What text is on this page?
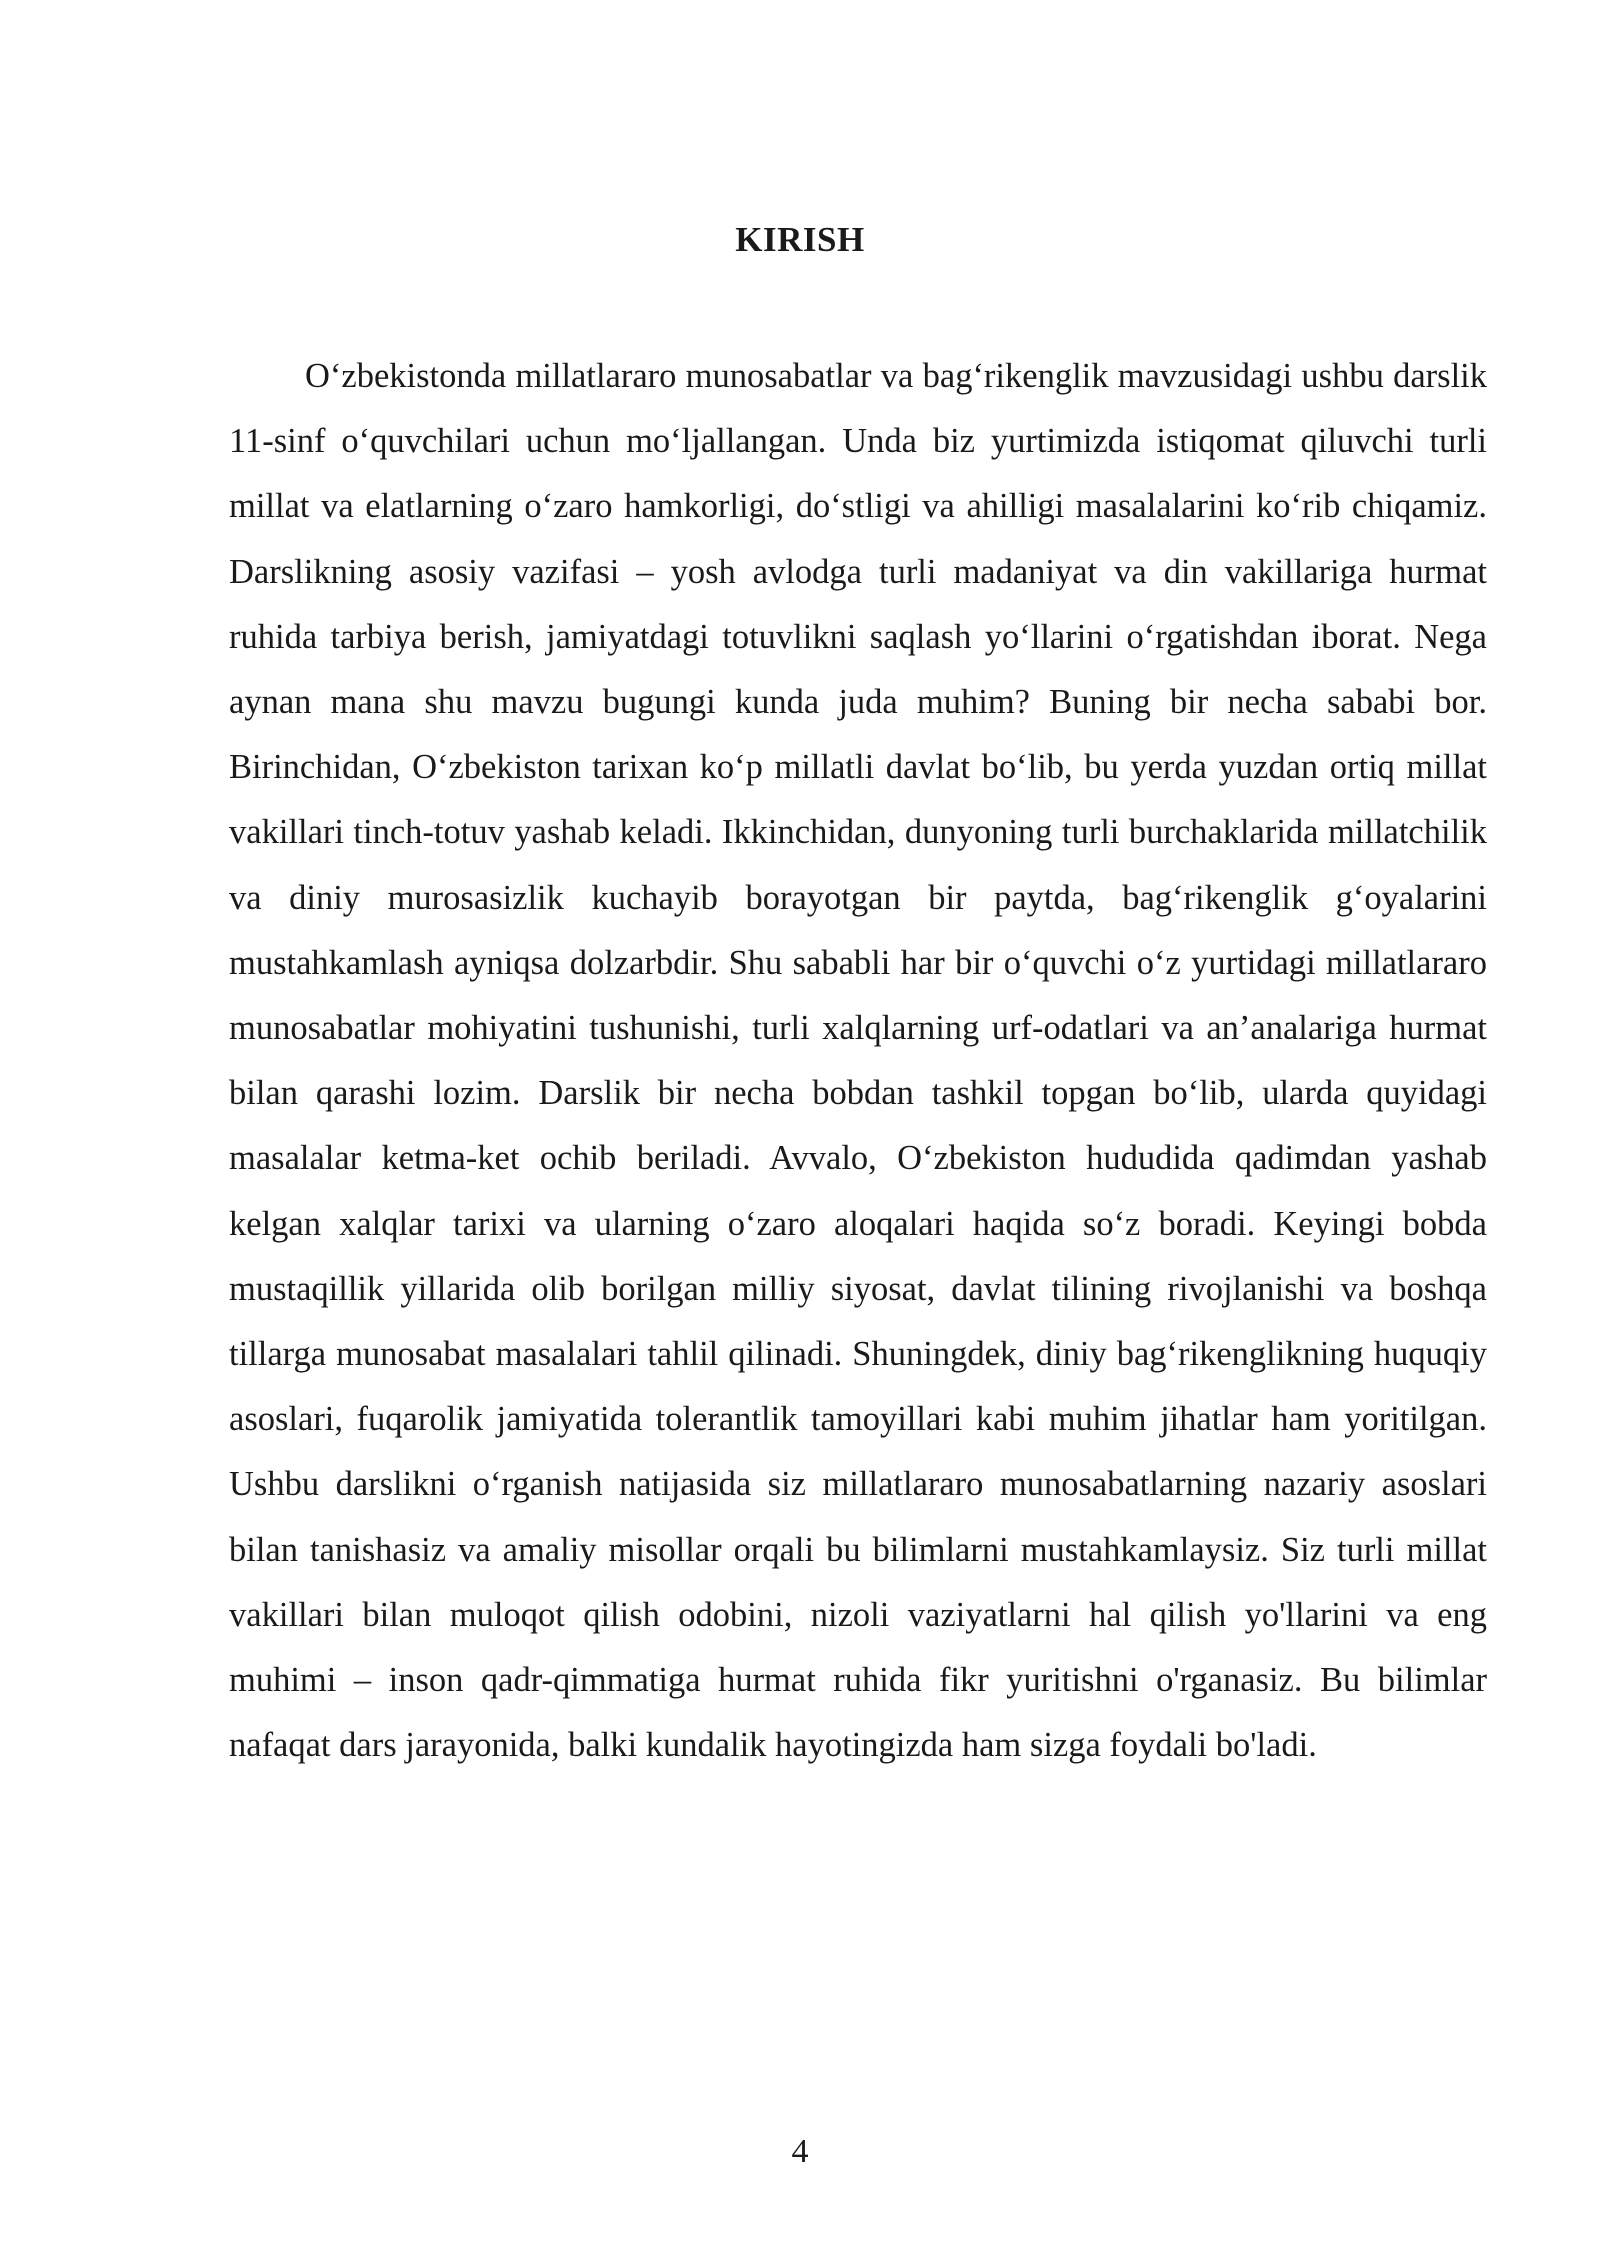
KIRISH

O‘zbekistonda millatlararo munosabatlar va bag‘rikenglik mavzusidagi ushbu darslik 11-sinf o‘quvchilari uchun mo‘ljallangan. Unda biz yurtimizda istiqomat qiluvchi turli millat va elatlarning o‘zaro hamkorligi, do‘stligi va ahilligi masalalarini ko‘rib chiqamiz. Darslikning asosiy vazifasi – yosh avlodga turli madaniyat va din vakillariga hurmat ruhida tarbiya berish, jamiyatdagi totuvlikni saqlash yo‘llarini o‘rgatishdan iborat. Nega aynan mana shu mavzu bugungi kunda juda muhim? Buning bir necha sababi bor. Birinchidan, O‘zbekiston tarixan ko‘p millatli davlat bo‘lib, bu yerda yuzdan ortiq millat vakillari tinch-totuv yashab keladi. Ikkinchidan, dunyoning turli burchaklarida millatchilik va diniy murosasizlik kuchayib borayotgan bir paytda, bag‘rikenglik g‘oyalarini mustahkamlash ayniqsa dolzarbdir. Shu sababli har bir o‘quvchi o‘z yurtidagi millatlararo munosabatlar mohiyatini tushunishi, turli xalqlarning urf-odatlari va an’analariga hurmat bilan qarashi lozim. Darslik bir necha bobdan tashkil topgan bo‘lib, ularda quyidagi masalalar ketma-ket ochib beriladi. Avvalo, O‘zbekiston hududida qadimdan yashab kelgan xalqlar tarixi va ularning o‘zaro aloqalari haqida so‘z boradi. Keyingi bobda mustaqillik yillarida olib borilgan milliy siyosat, davlat tilining rivojlanishi va boshqa tillarga munosabat masalalari tahlil qilinadi. Shuningdek, diniy bag‘rikenglikning huquqiy asoslari, fuqarolik jamiyatida tolerantlik tamoyillari kabi muhim jihatlar ham yoritilgan. Ushbu darslikni o‘rganish natijasida siz millatlararo munosabatlarning nazariy asoslari bilan tanishasiz va amaliy misollar orqali bu bilimlarni mustahkamlaysiz. Siz turli millat vakillari bilan muloqot qilish odobini, nizoli vaziyatlarni hal qilish yo'llarini va eng muhimi – inson qadr-qimmatiga hurmat ruhida fikr yuritishni o'rganasiz. Bu bilimlar nafaqat dars jarayonida, balki kundalik hayotingizda ham sizga foydali bo'ladi.

4
